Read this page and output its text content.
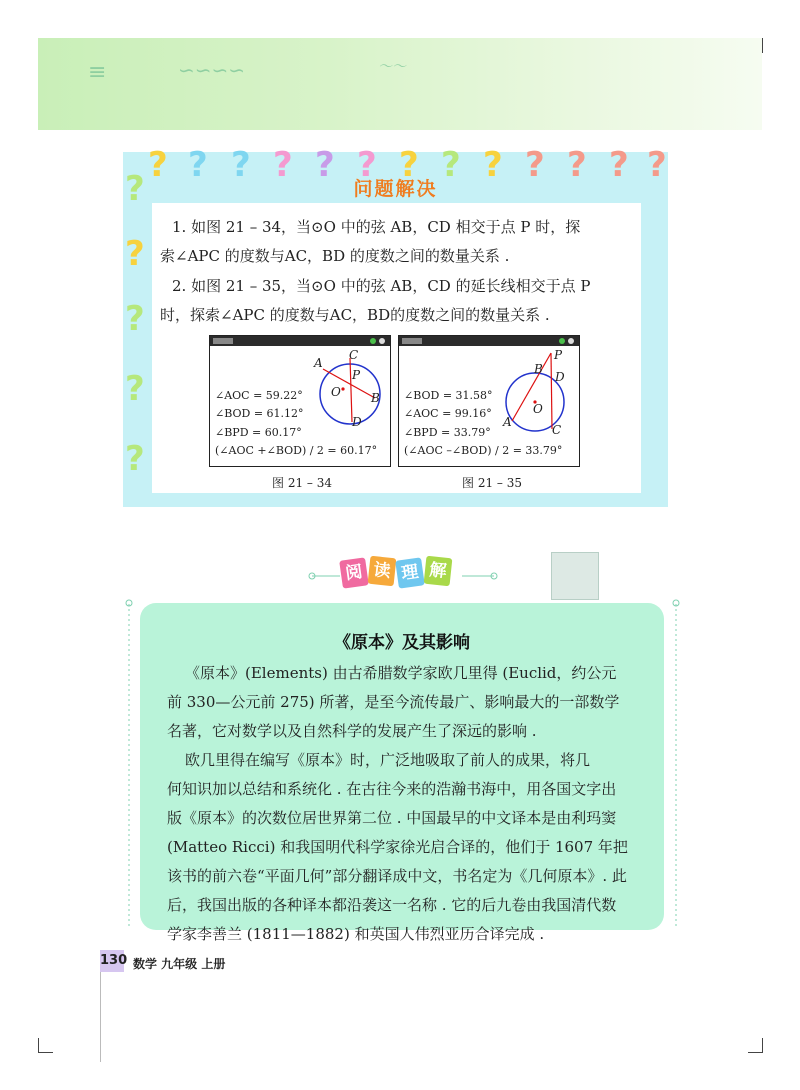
≡	∽∽∽∽	～～
问题解决
? ? ? ? ? ? ? ? ? ? ? ? ?
?
?
?
?
?
1. 如图 21 – 34，当⊙O 中的弦 AB，CD 相交于点 P 时，探
索∠APC 的度数与AC，BD 的度数之间的数量关系 .
2. 如图 21 – 35，当⊙O 中的弦 AB，CD 的延长线相交于点 P
时，探索∠APC 的度数与AC，BD的度数之间的数量关系 .
A
C
P
O	B
D
∠AOC = 59.22°
∠BOD = 61.12°
∠BPD = 60.17°
(∠AOC +∠BOD) / 2 = 60.17°
图 21 – 34
P
B
D
O
A
C
∠BOD = 31.58°
∠AOC = 99.16°
∠BPD = 33.79°
(∠AOC –∠BOD) / 2 = 33.79°
图 21 – 35
阅 读 理 解
《原本》及其影响
《原本》(Elements) 由古希腊数学家欧几里得 (Euclid，约公元
前 330—公元前 275) 所著，是至今流传最广、影响最大的一部数学
名著，它对数学以及自然科学的发展产生了深远的影响 .
欧几里得在编写《原本》时，广泛地吸取了前人的成果，将几
何知识加以总结和系统化 . 在古往今来的浩瀚书海中，用各国文字出
版《原本》的次数位居世界第二位 . 中国最早的中文译本是由利玛窦
(Matteo Ricci) 和我国明代科学家徐光启合译的，他们于 1607 年把
该书的前六卷“平面几何”部分翻译成中文，书名定为《几何原本》. 此
后，我国出版的各种译本都沿袭这一名称 . 它的后九卷由我国清代数
学家李善兰 (1811—1882) 和英国人伟烈亚历合译完成 .
130 数学 九年级 上册
